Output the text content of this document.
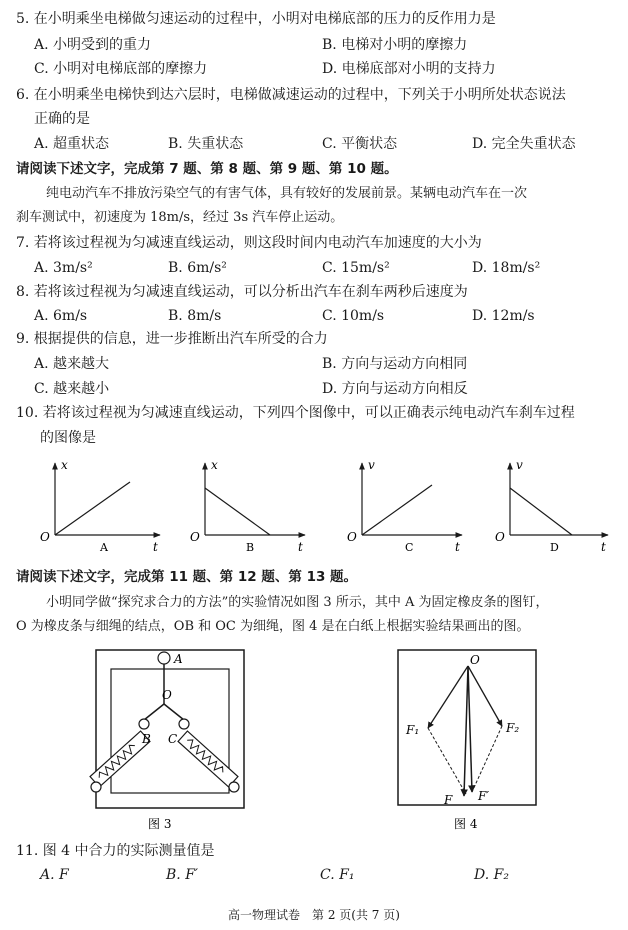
5. 在小明乘坐电梯做匀速运动的过程中，小明对电梯底部的压力的反作用力是
A. 小明受到的重力	B. 电梯对小明的摩擦力
C. 小明对电梯底部的摩擦力	D. 电梯底部对小明的支持力
6. 在小明乘坐电梯快到达六层时，电梯做减速运动的过程中，下列关于小明所处状态说法
正确的是
A. 超重状态	B. 失重状态	C. 平衡状态	D. 完全失重状态
请阅读下述文字，完成第 7 题、第 8 题、第 9 题、第 10 题。
纯电动汽车不排放污染空气的有害气体，具有较好的发展前景。某辆电动汽车在一次
刹车测试中，初速度为 18m/s，经过 3s 汽车停止运动。
7. 若将该过程视为匀减速直线运动，则这段时间内电动汽车加速度的大小为
A. 3m/s²	B. 6m/s²	C. 15m/s²	D. 18m/s²
8. 若将该过程视为匀减速直线运动，可以分析出汽车在刹车两秒后速度为
A. 6m/s	B. 8m/s	C. 10m/s	D. 12m/s
9. 根据提供的信息，进一步推断出汽车所受的合力
A. 越来越大	B. 方向与运动方向相同
C. 越来越小	D. 方向与运动方向相反
10. 若将该过程视为匀减速直线运动，下列四个图像中，可以正确表示纯电动汽车刹车过程
的图像是
x
t
O
A
x
t
O
B
v
t
O
C
v
t
O
D
请阅读下述文字，完成第 11 题、第 12 题、第 13 题。
小明同学做“探究求合力的方法”的实验情况如图 3 所示，其中 A 为固定橡皮条的图钉，
O 为橡皮条与细绳的结点，OB 和 OC 为细绳，图 4 是在白纸上根据实验结果画出的图。
A
O
B C
图 3
O
F₁	F₂
F F′
图 4
11. 图 4 中合力的实际测量值是
A. F	B. F′	C. F₁	D. F₂
高一物理试卷　第 2 页(共 7 页)
